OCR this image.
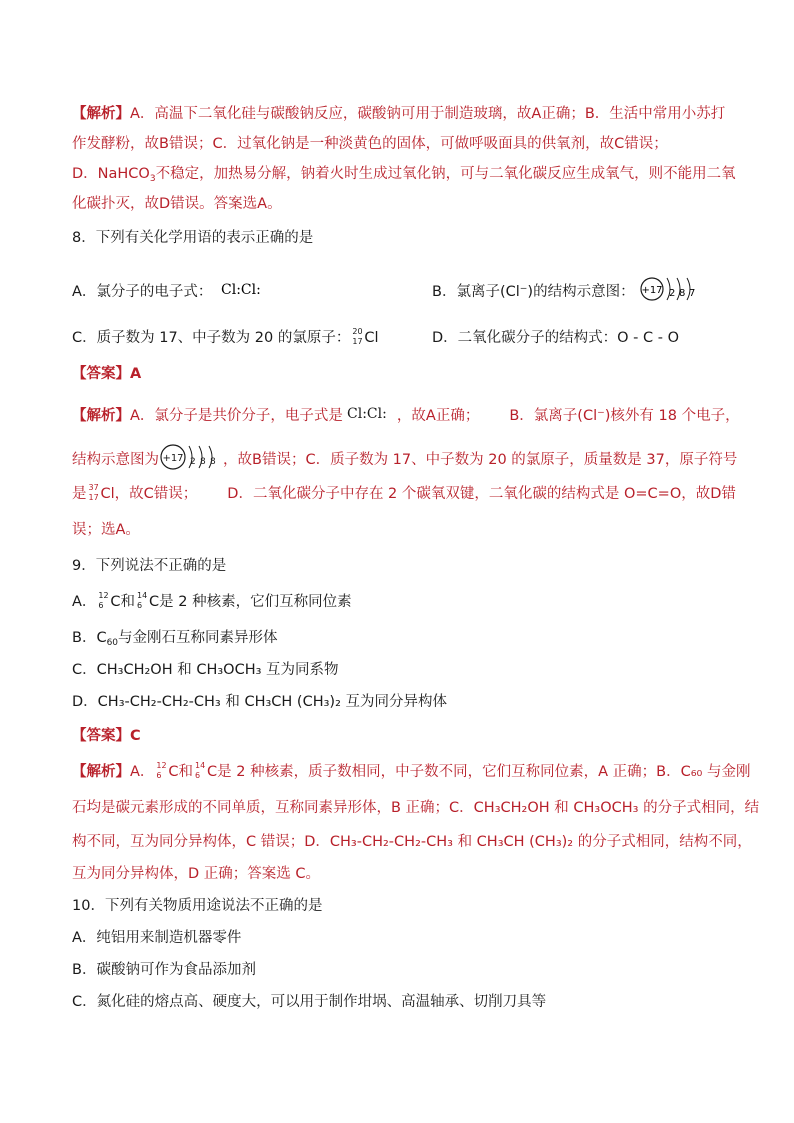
【解析】A．高温下二氧化硅与碳酸钠反应，碳酸钠可用于制造玻璃，故A正确；B．生活中常用小苏打
作发酵粉，故B错误；C．过氧化钠是一种淡黄色的固体，可做呼吸面具的供氧剂，故C错误；
D．NaHCO$_3$不稳定，加热易分解，钠着火时生成过氧化钠，可与二氧化碳反应生成氧气，则不能用二氧
化碳扑灭，故D错误。答案选A。
8．下列有关化学用语的表示正确的是
A．氯分子的电子式： Cl:Cl:	B．氯离子(Cl⁻)的结构示意图： +17 2 8 7
C．质子数为 17、中子数为 20 的氯原子： 20
17 Cl	D．二氧化碳分子的结构式：O - C - O
【答案】A
【解析】A．氯分子是共价分子，电子式是 Cl:Cl: ，故A正确； B．氯离子(Cl⁻)核外有 18 个电子，
结构示意图为 +17 2 8 8 ，故B错误；C．质子数为 17、中子数为 20 的氯原子，质量数是 37，原子符号
是 37
17 Cl，故C错误； D．二氧化碳分子中存在 2 个碳氧双键，二氧化碳的结构式是 O=C=O，故D错
误；选A。
9．下列说法不正确的是
A． 12
6 C和 14
6 C是 2 种核素，它们互称同位素
B．$C_{60}$与金刚石互称同素异形体
C．CH₃CH₂OH 和 CH₃OCH₃ 互为同系物
D．CH₃-CH₂-CH₂-CH₃ 和 CH₃CH (CH₃)₂ 互为同分异构体
【答案】C
【解析】A． 12
6 C和 14
6 C是 2 种核素，质子数相同，中子数不同，它们互称同位素，A 正确；B．C₆₀ 与金刚
石均是碳元素形成的不同单质，互称同素异形体，B 正确；C．CH₃CH₂OH 和 CH₃OCH₃ 的分子式相同，结
构不同，互为同分异构体，C 错误；D．CH₃-CH₂-CH₂-CH₃ 和 CH₃CH (CH₃)₂ 的分子式相同，结构不同，
互为同分异构体，D 正确；答案选 C。
10．下列有关物质用途说法不正确的是
A．纯铝用来制造机器零件
B．碳酸钠可作为食品添加剂
C．氮化硅的熔点高、硬度大，可以用于制作坩埚、高温轴承、切削刀具等
